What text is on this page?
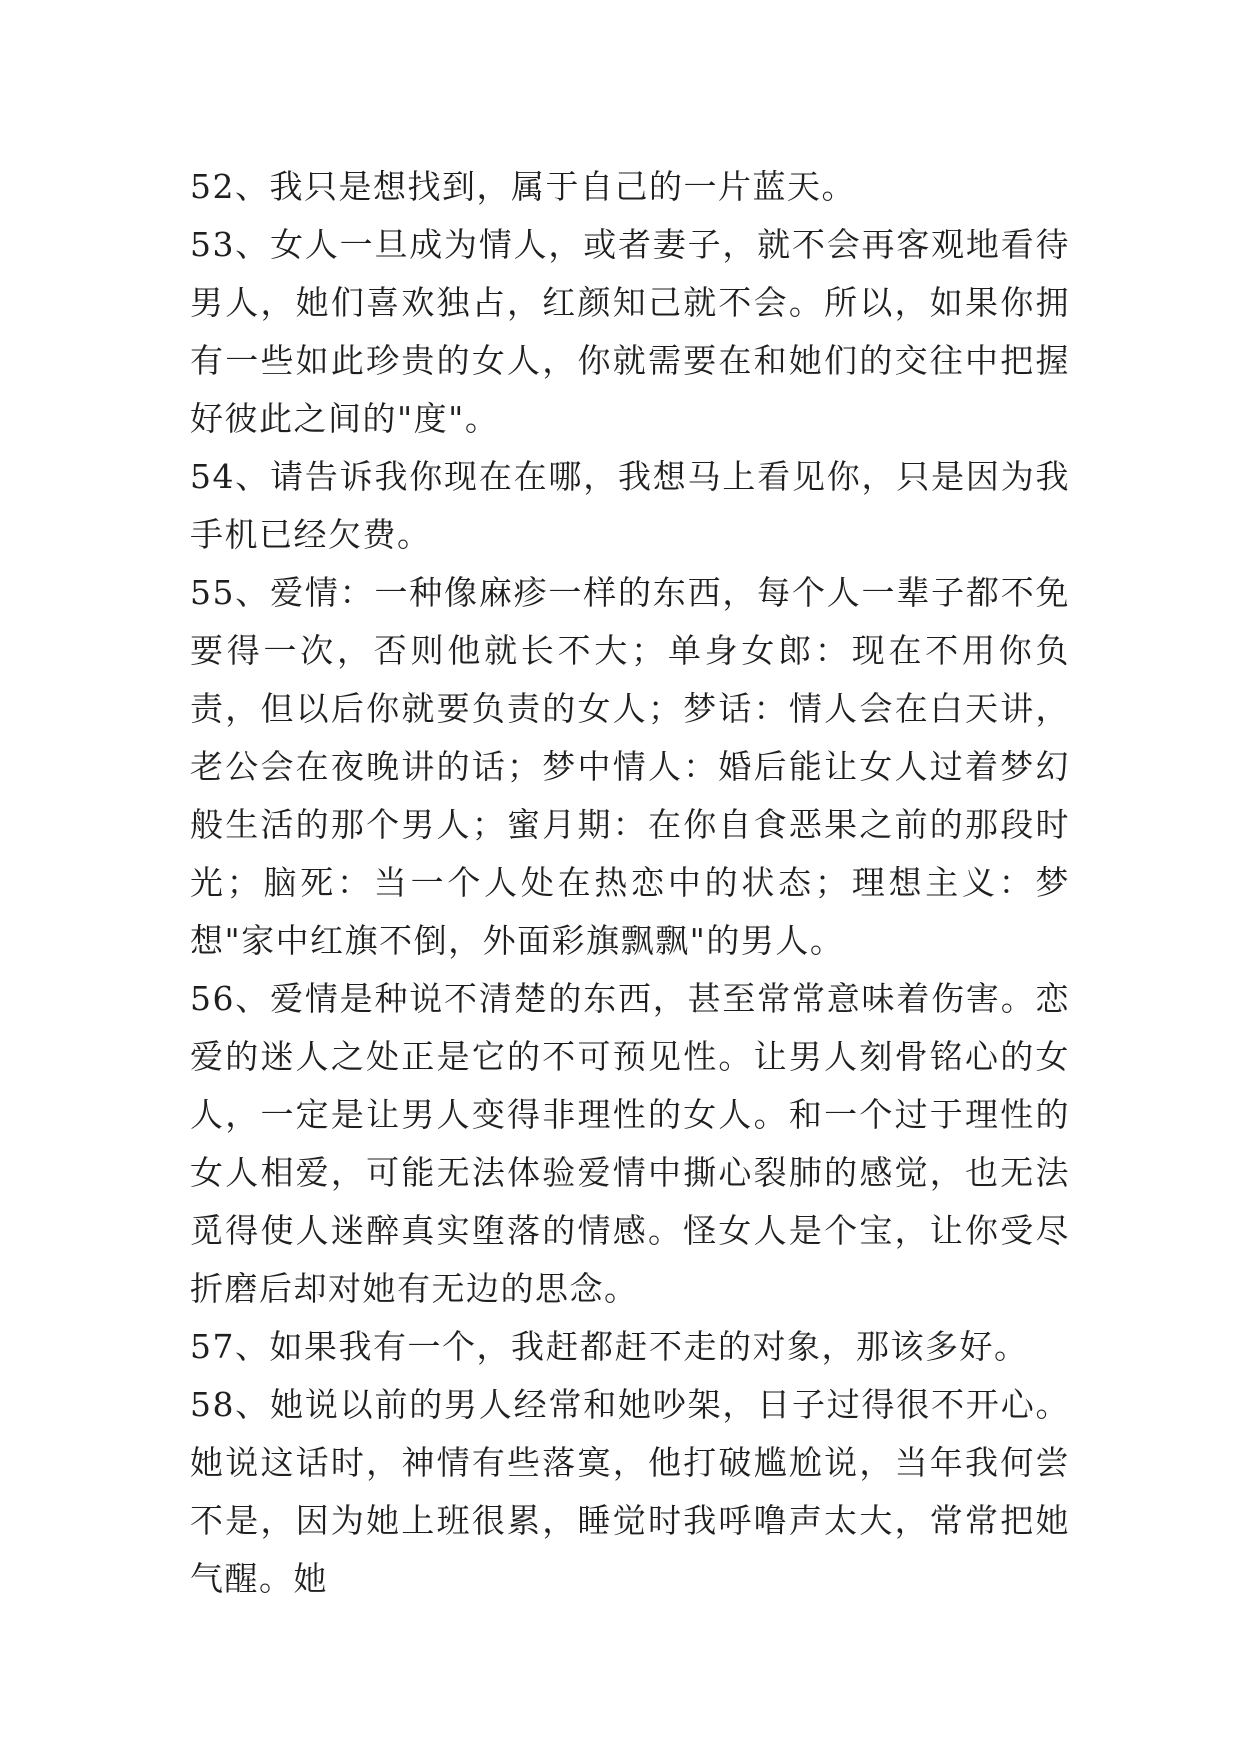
52、我只是想找到，属于自己的一片蓝天。

53、女人一旦成为情人，或者妻子，就不会再客观地看待男人，她们喜欢独占，红颜知己就不会。所以，如果你拥有一些如此珍贵的女人，你就需要在和她们的交往中把握好彼此之间的"度"。

54、请告诉我你现在在哪，我想马上看见你，只是因为我手机已经欠费。

55、爱情：一种像麻疹一样的东西，每个人一辈子都不免要得一次，否则他就长不大；单身女郎：现在不用你负责，但以后你就要负责的女人；梦话：情人会在白天讲，老公会在夜晚讲的话；梦中情人：婚后能让女人过着梦幻般生活的那个男人；蜜月期：在你自食恶果之前的那段时光；脑死：当一个人处在热恋中的状态；理想主义：梦想"家中红旗不倒，外面彩旗飘飘"的男人。

56、爱情是种说不清楚的东西，甚至常常意味着伤害。恋爱的迷人之处正是它的不可预见性。让男人刻骨铭心的女人，一定是让男人变得非理性的女人。和一个过于理性的女人相爱，可能无法体验爱情中撕心裂肺的感觉，也无法觅得使人迷醉真实堕落的情感。怪女人是个宝，让你受尽折磨后却对她有无边的思念。

57、如果我有一个，我赶都赶不走的对象，那该多好。

58、她说以前的男人经常和她吵架，日子过得很不开心。她说这话时，神情有些落寞，他打破尴尬说，当年我何尝不是，因为她上班很累，睡觉时我呼噜声太大，常常把她气醒。她
